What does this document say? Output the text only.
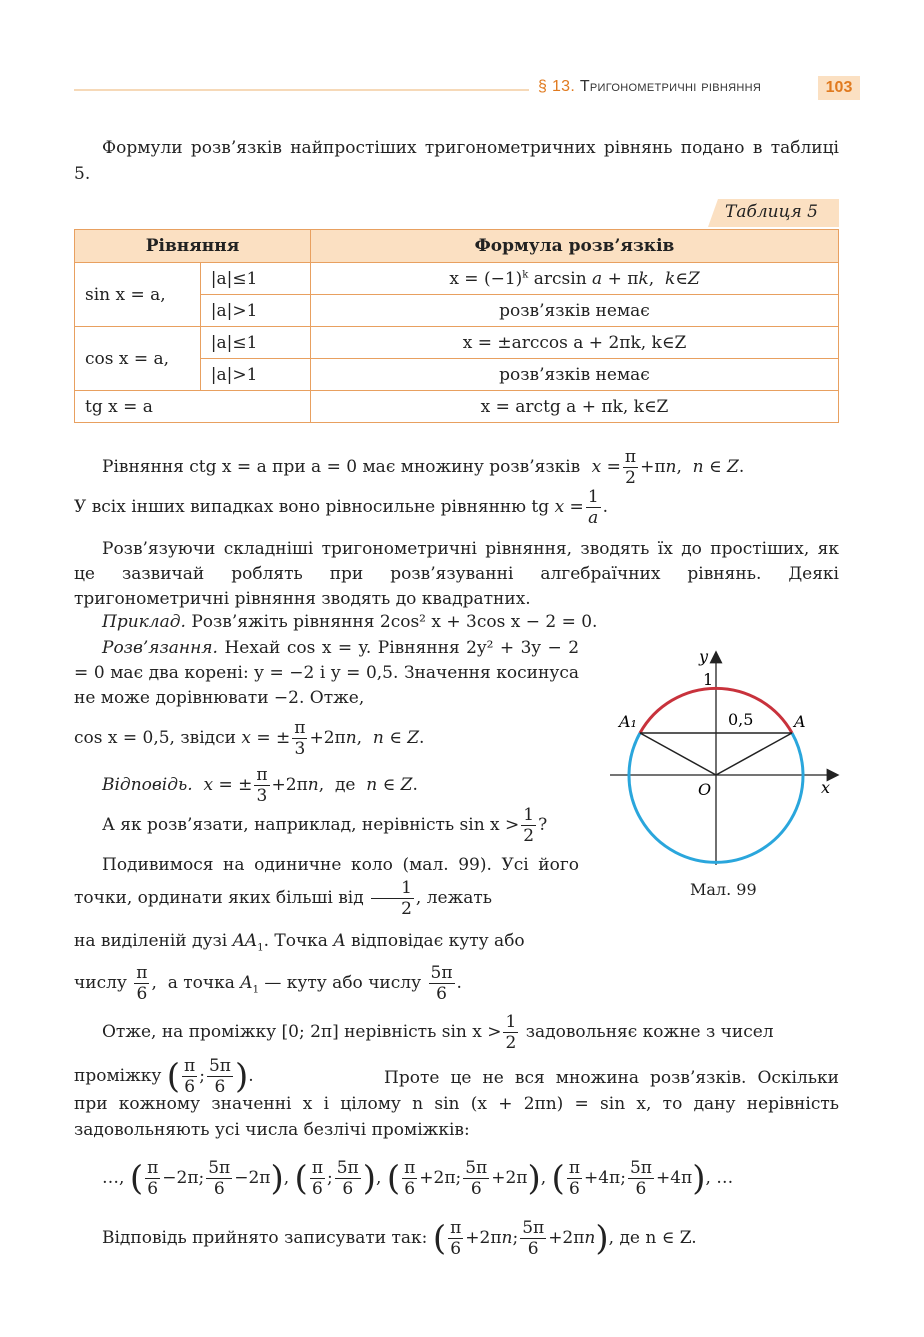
§ 13. Тригонометричні рівняння	103

Формули розв’язків найпростіших тригонометричних рівнянь подано в таблиці 5.

Таблиця 5
Рівняння		Формула розв’язків
sin x = a,	|a|≤1	$x = (-1)^k$ arcsin a + πk,  k∈Z
	|a|>1	розв’язків немає
cos x = a,	|a|≤1	x = ±arccos a + 2πk, k∈Z
	|a|>1	розв’язків немає
tg x = a		x = arctg a + πk, k∈Z
Рівняння ctg x = a при a = 0 має множину розв’язків $x = \frac{\pi}{2} +\pi n$,  n ∈ Z.
У всіх інших випадках воно рівносильне рівнянню tg $x = \frac{1}{a}$ .

Розв’язуючи складніші тригонометричні рівняння, зводять їх до простіших, як це зазвичай роблять при розв’язуванні алгебраїчних рівнянь. Деякі тригонометричні рівняння зводять до квадратних.

Приклад. Розв’яжіть рівняння 2cos² x + 3cos x − 2 = 0.

Розв’язання. Нехай cos x = y. Рівняння 2y² + 3y − 2 = 0 має два корені: y = −2 і y = 0,5. Значення косинуса не може дорівнювати −2. Отже,

cos x = 0,5, звідси x = ± $\frac{\pi}{3} +2\pi n$,  n ∈ Z.
Відповідь. x = ± $\frac{\pi}{3} +2\pi n$,  де  n ∈ Z.
А як розв’язати, наприклад, нерівність $\sin x > \frac{1}{2}$ ?
Подивимося на одиничне коло (мал. 99). Усі його точки, ординати яких більші від $\frac{1}{2}$ , лежать
на виділеній дузі $AA_1$. Точка A відповідає куту або
числу $\frac{\pi}{6}$ ,  а точка $A_1$ — куту або числу $\frac{5\pi}{6}$ .
Отже, на проміжку [0; 2π] нерівність $\sin x > \frac{1}{2}$ задовольняє кожне з чисел
проміжку ( $\frac{\pi}{6}$ ; $\frac{5\pi}{6}$ ).	Проте це не вся множина розв’язків. Оскільки при кожному значенні x і цілому n sin (x + 2πn) = sin x, то дану нерівність задовольняють усі числа безлічі проміжків:

…, ( $\frac{\pi}{6} -2\pi$; $\frac{5\pi}{6} -2\pi$), ( $\frac{\pi}{6}$ ; $\frac{5\pi}{6}$ ), ( $\frac{\pi}{6} +2\pi$; $\frac{5\pi}{6} +2\pi$), ( $\frac{\pi}{6} +4\pi$; $\frac{5\pi}{6} +4\pi$), …
Відповідь прийнято записувати так: ( $\frac{\pi}{6} +2\pi n$; $\frac{5\pi}{6} +2\pi n$), де n ∈ Z.
y
1
0,5	A
A₁
O	x
Мал. 99
